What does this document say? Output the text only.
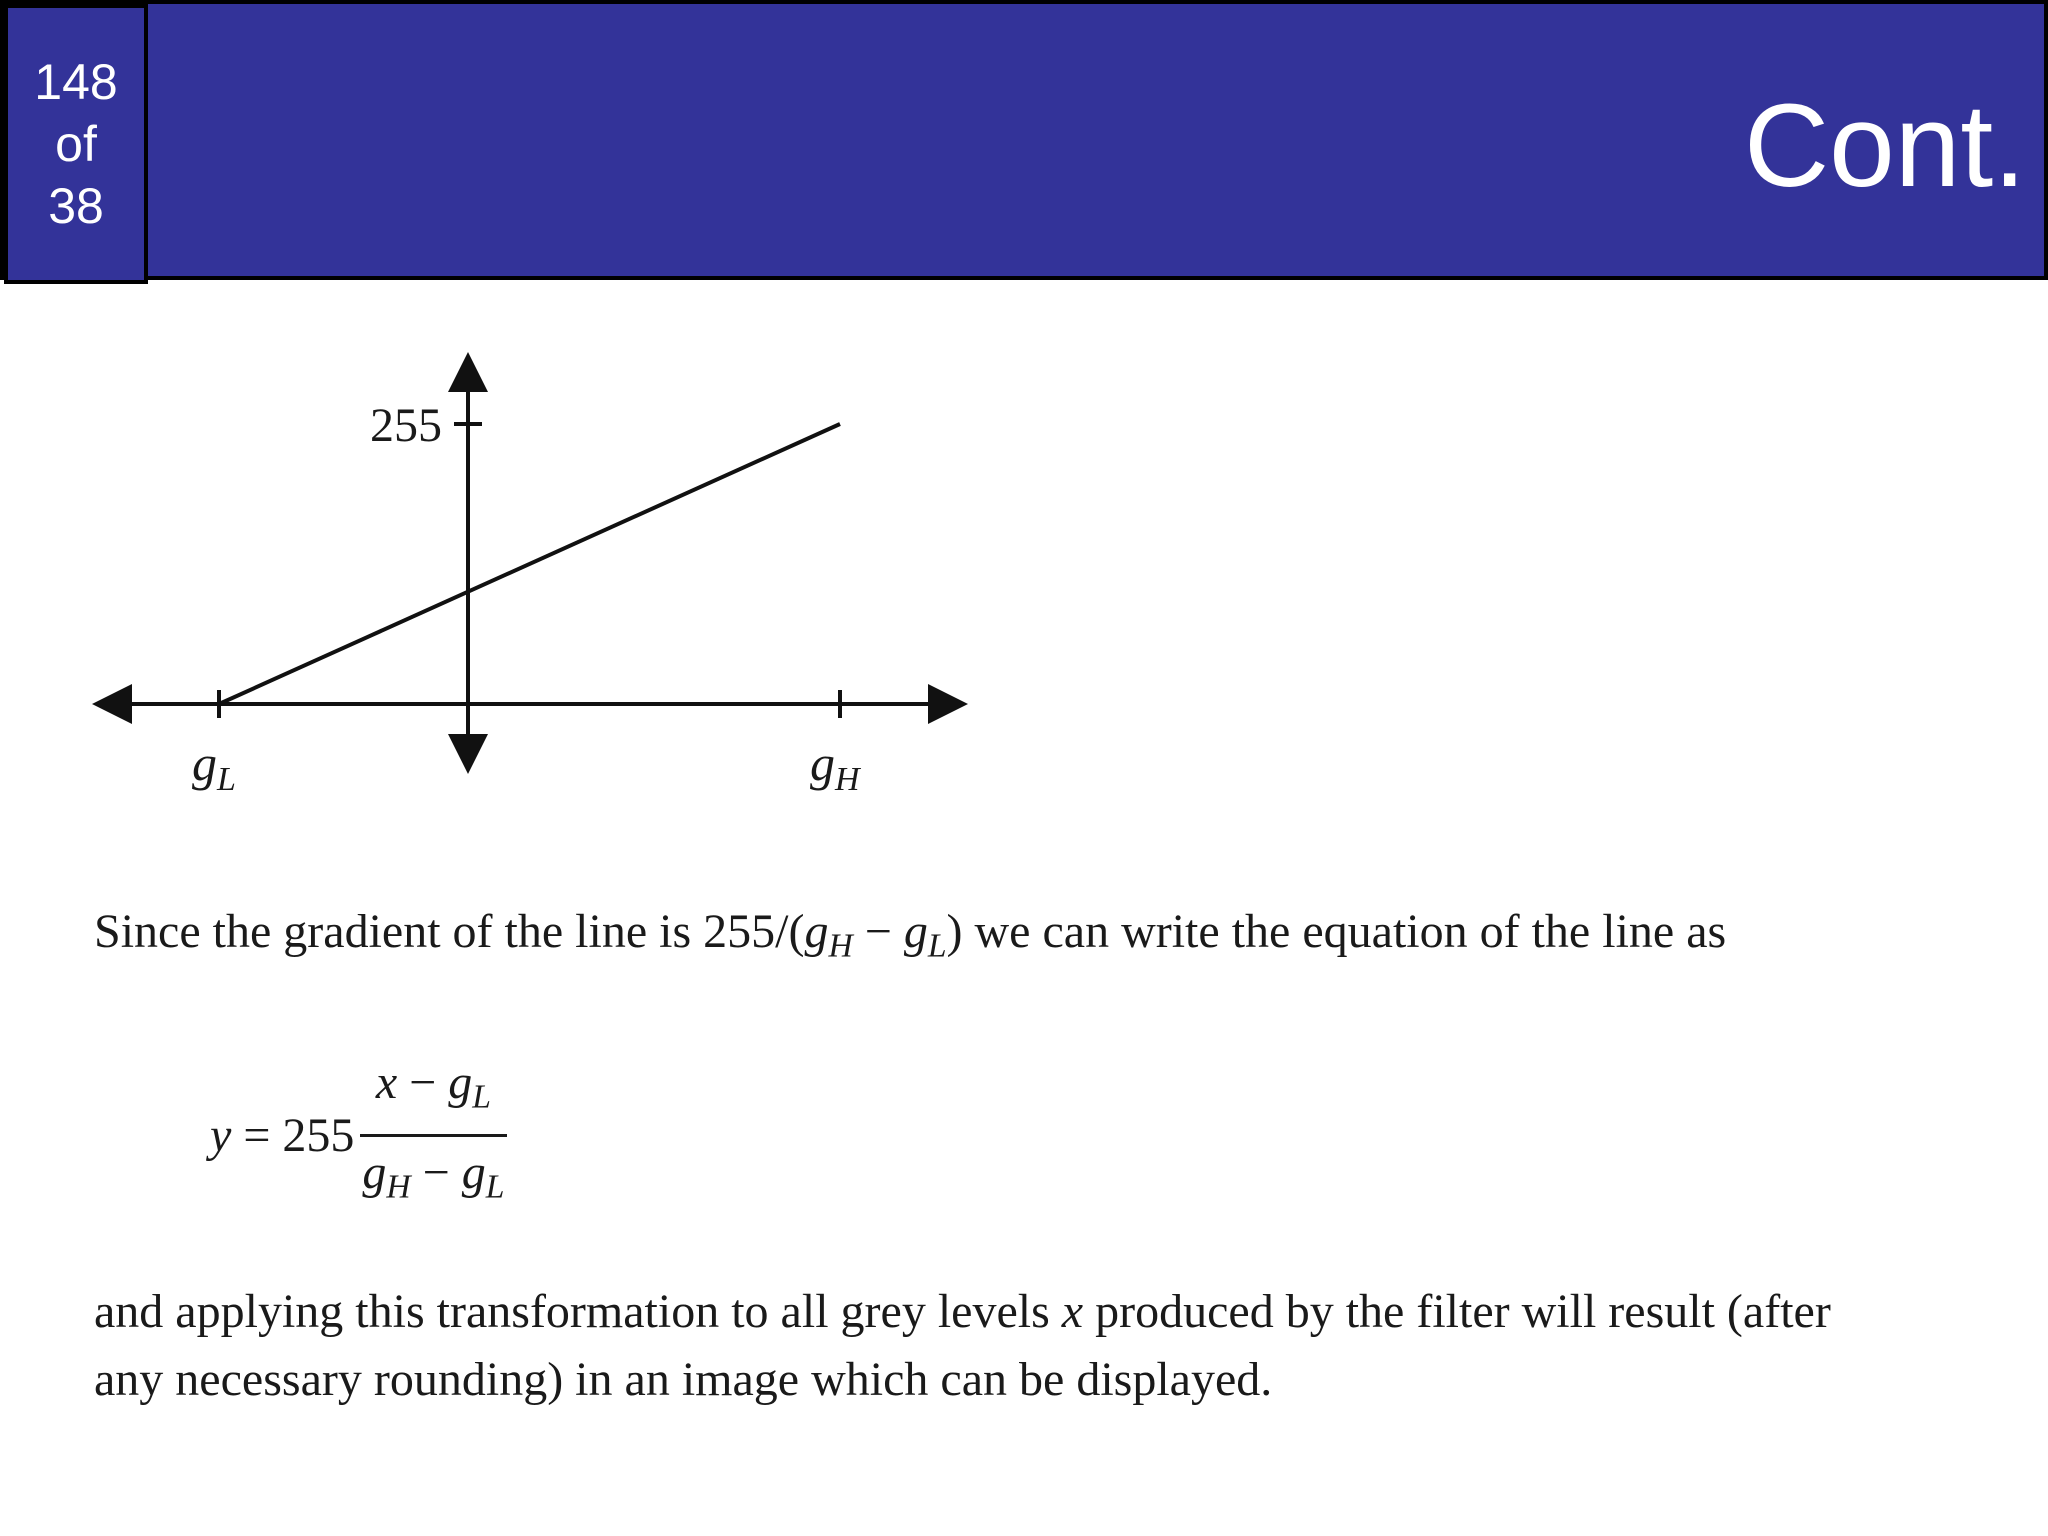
148
of
38	Cont.
255
$g_L$	$g_H$
Since the gradient of the line is $255/(g_H - g_L)$ we can write the equation of the line as
$y = 255 \frac{x - g_L}{g_H - g_L}$
and applying this transformation to all grey levels x produced by the filter will result (after
any necessary rounding) in an image which can be displayed.
